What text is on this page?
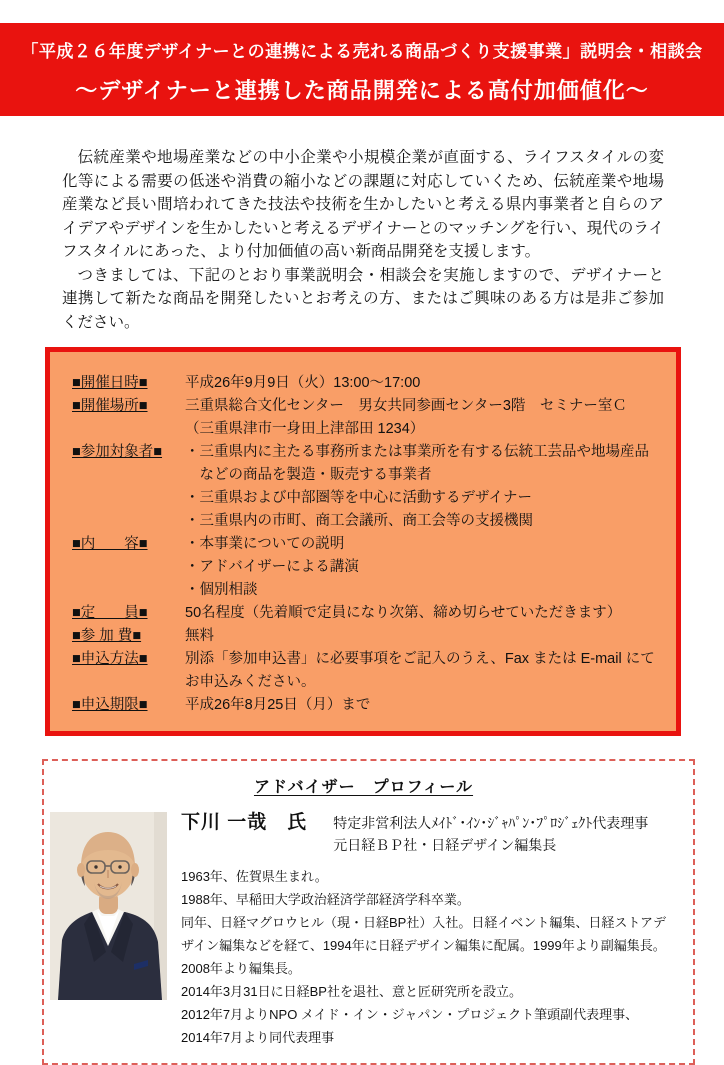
「平成２６年度デザイナーとの連携による売れる商品づくり支援事業」説明会・相談会
～デザイナーと連携した商品開発による高付加価値化～

伝統産業や地場産業などの中小企業や小規模企業が直面する、ライフスタイルの変化等による需要の低迷や消費の縮小などの課題に対応していくため、伝統産業や地場産業など長い間培われてきた技法や技術を生かしたいと考える県内事業者と自らのアイデアやデザインを生かしたいと考えるデザイナーとのマッチングを行い、現代のライフスタイルにあった、より付加価値の高い新商品開発を支援します。

つきましては、下記のとおり事業説明会・相談会を実施しますので、デザイナーと連携して新たな商品を開発したいとお考えの方、またはご興味のある方は是非ご参加ください。

■開催日時■	平成26年9月9日（火）13:00～17:00
■開催場所■	三重県総合文化センター　男女共同参画センター3階　セミナー室Ｃ
（三重県津市一身田上津部田 1234）
■参加対象者■	・三重県内に主たる事務所または事業所を有する伝統工芸品や地場産品
　などの商品を製造・販売する事業者
・三重県および中部圏等を中心に活動するデザイナー
・三重県内の市町、商工会議所、商工会等の支援機関
■内　　容■	・本事業についての説明
・アドバイザーによる講演
・個別相談
■定　　員■	50名程度（先着順で定員になり次第、締め切らせていただきます）
■参 加 費■	無料
■申込方法■	別添「参加申込書」に必要事項をご記入のうえ、Fax または E-mail にて
お申込みください。
■申込期限■	平成26年8月25日（月）まで
アドバイザー　プロフィール
下川 一哉　氏 特定非営利法人ﾒｲﾄﾞ･ｲﾝ･ｼﾞｬﾊﾟﾝ･ﾌﾟﾛｼﾞｪｸﾄ代表理事
元日経ＢＰ社・日経デザイン編集長
1963年、佐賀県生まれ。
1988年、早稲田大学政治経済学部経済学科卒業。
同年、日経マグロウヒル（現・日経BP社）入社。日経イベント編集、日経ストアデ
ザイン編集などを経て、1994年に日経デザイン編集に配属。1999年より副編集長。
2008年より編集長。
2014年3月31日に日経BP社を退社、意と匠研究所を設立。
2012年7月よりNPO メイド・イン・ジャパン・プロジェクト筆頭副代表理事、
2014年7月より同代表理事
